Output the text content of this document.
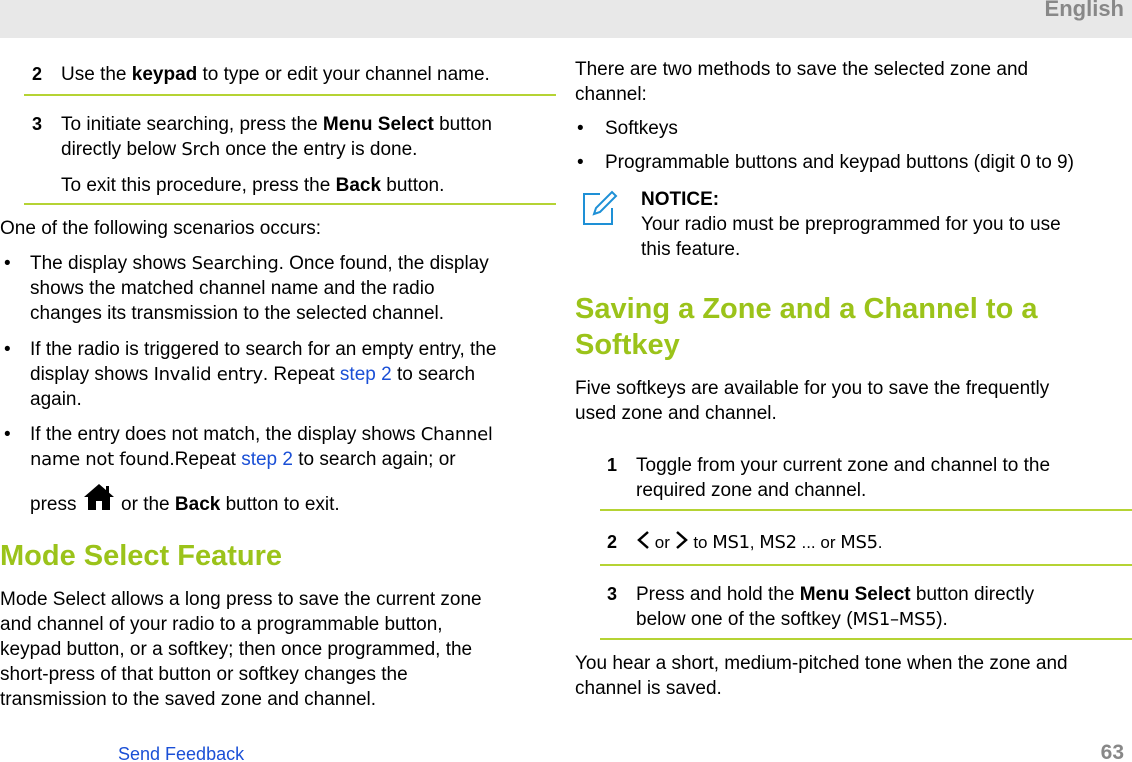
English
2 Use the keypad to type or edit your channel name.
3 To initiate searching, press the Menu Select button
directly below Srch once the entry is done.
To exit this procedure, press the Back button.
One of the following scenarios occurs:
• The display shows Searching. Once found, the display
shows the matched channel name and the radio
changes its transmission to the selected channel.
• If the radio is triggered to search for an empty entry, the
display shows Invalid entry. Repeat step 2 to search
again.
• If the entry does not match, the display shows Channel
name not found.Repeat step 2 to search again; or
press  or the Back button to exit.
Mode Select Feature
Mode Select allows a long press to save the current zone
and channel of your radio to a programmable button,
keypad button, or a softkey; then once programmed, the
short-press of that button or softkey changes the
transmission to the saved zone and channel.
There are two methods to save the selected zone and
channel:
• Softkeys
• Programmable buttons and keypad buttons (digit 0 to 9)
NOTICE:
Your radio must be preprogrammed for you to use
this feature.
Saving a Zone and a Channel to a
Softkey
Five softkeys are available for you to save the frequently
used zone and channel.
1 Toggle from your current zone and channel to the
required zone and channel.
2	or to MS1, MS2 ... or MS5.
3 Press and hold the Menu Select button directly
below one of the softkey (MS1–MS5).
You hear a short, medium-pitched tone when the zone and
channel is saved.
Send Feedback	63
